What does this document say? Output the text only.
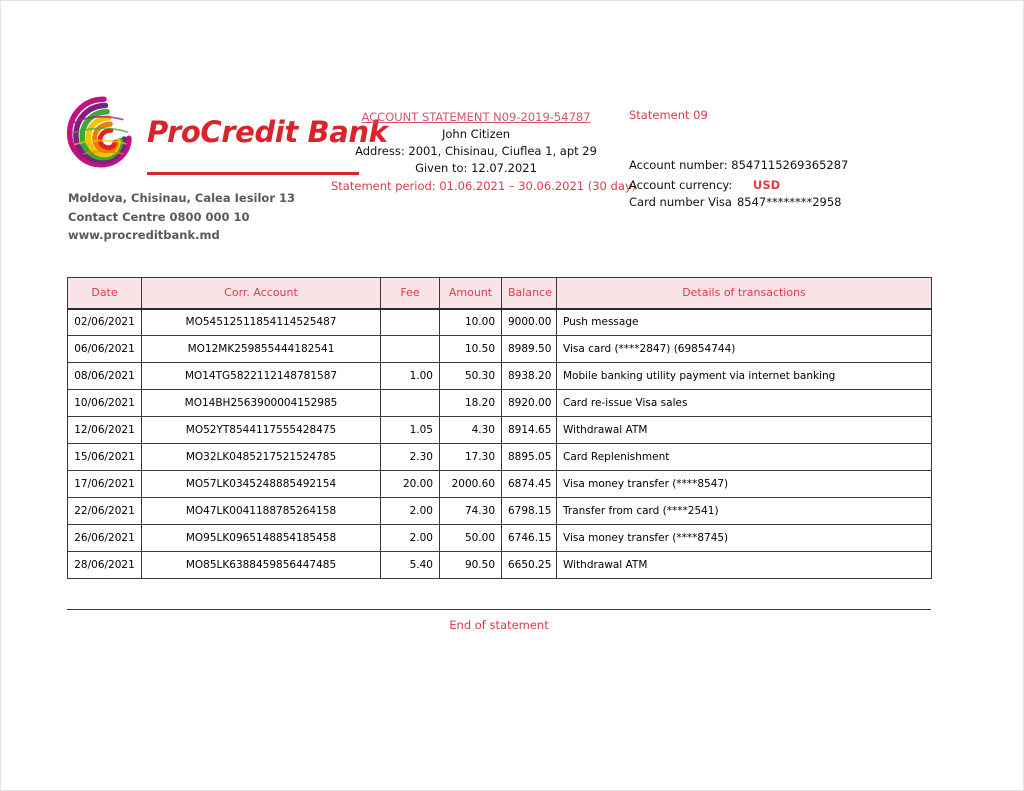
ProCredit Bank
Moldova, Chisinau, Calea Iesilor 13
Contact Centre 0800 000 10
www.procreditbank.md
ACCOUNT STATEMENT N09-2019-54787
John Citizen
Address: 2001, Chisinau, Ciuflea 1, apt 29
Given to: 12.07.2021
Statement period: 01.06.2021 – 30.06.2021 (30 day)
Statement 09
Account number: 8547115269365287
Account currency: USD
Card number Visa 8547********2958
Date	Corr. Account	Fee	Amount	Balance	Details of transactions
02/06/2021	MO54512511854114525487		10.00	9000.00	Push message
06/06/2021	MO12MK259855444182541		10.50	8989.50	Visa card (****2847) (69854744)
08/06/2021	MO14TG5822112148781587	1.00	50.30	8938.20	Mobile banking utility payment via internet banking
10/06/2021	MO14BH2563900004152985		18.20	8920.00	Card re-issue Visa sales
12/06/2021	MO52YT8544117555428475	1.05	4.30	8914.65	Withdrawal ATM
15/06/2021	MO32LK0485217521524785	2.30	17.30	8895.05	Card Replenishment
17/06/2021	MO57LK0345248885492154	20.00	2000.60	6874.45	Visa money transfer (****8547)
22/06/2021	MO47LK0041188785264158	2.00	74.30	6798.15	Transfer from card (****2541)
26/06/2021	MO95LK0965148854185458	2.00	50.00	6746.15	Visa money transfer (****8745)
28/06/2021	MO85LK6388459856447485	5.40	90.50	6650.25	Withdrawal ATM
End of statement
